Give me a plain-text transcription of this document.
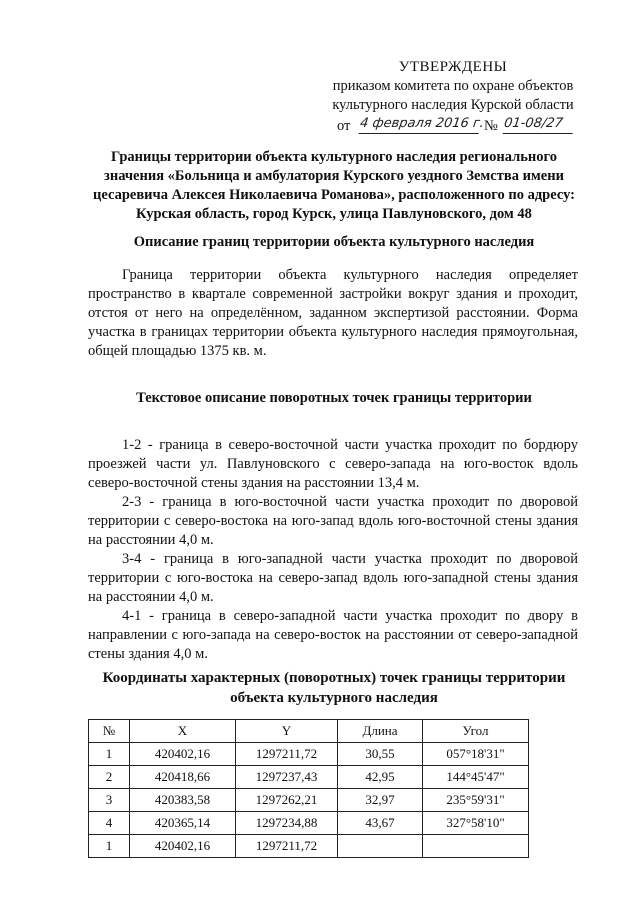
УТВЕРЖДЕНЫ
приказом комитета по охране объектов
культурного наследия Курской области
от 4 февраля 2016 г. № 01-08/27
Границы территории объекта культурного наследия регионального значения «Больница и амбулатория Курского уездного Земства имени цесаревича Алексея Николаевича Романова», расположенного по адресу: Курская область, город Курск, улица Павлуновского, дом 48
Описание границ территории объекта культурного наследия

Граница территории объекта культурного наследия определяет пространство в квартале современной застройки вокруг здания и проходит, отстоя от него на определённом, заданном экспертизой расстоянии. Форма участка в границах территории объекта культурного наследия прямоугольная, общей площадью 1375 кв. м.

Текстовое описание поворотных точек границы территории

1-2 - граница в северо-восточной части участка проходит по бордюру проезжей части ул. Павлуновского с северо-запада на юго-восток вдоль северо-восточной стены здания на расстоянии 13,4 м.

2-3 - граница в юго-восточной части участка проходит по дворовой территории с северо-востока на юго-запад вдоль юго-восточной стены здания на расстоянии 4,0 м.

3-4 - граница в юго-западной части участка проходит по дворовой территории с юго-востока на северо-запад вдоль юго-западной стены здания на расстоянии 4,0 м.

4-1 - граница в северо-западной части участка проходит по двору в направлении с юго-запада на северо-восток на расстоянии от северо-западной стены здания 4,0 м.

Координаты характерных (поворотных) точек границы территории объекта культурного наследия
№	X	Y	Длина	Угол
1	420402,16	1297211,72	30,55	057°18'31"
2	420418,66	1297237,43	42,95	144°45'47"
3	420383,58	1297262,21	32,97	235°59'31"
4	420365,14	1297234,88	43,67	327°58'10"
1	420402,16	1297211,72		
